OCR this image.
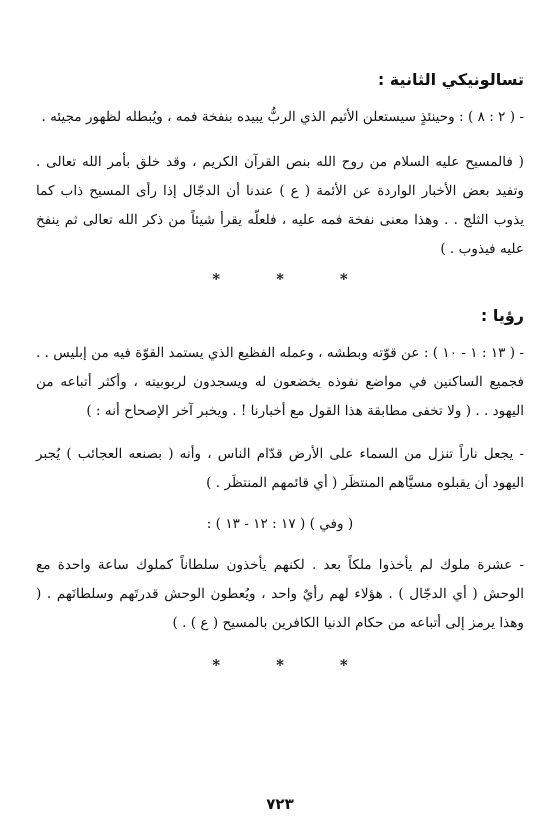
تسالونيكي الثانية :

- ( ٢ : ٨ ) : وحينئذٍ سيستعلن الأثيم الذي الربُّ يبيده بنفخة فمه ، ويُبطله لظهور مجيئه .

( فالمسيح عليه السلام من روح الله بنص القرآن الكريم ، وقد خلق بأمر الله تعالى . وتفيد بعض الأخبار الواردة عن الأئمة ( ع ) عندنا أن الدجّال إذا رأى المسيح ذاب كما يذوب الثلج . . وهذا معنى نفخة فمه عليه ، فلعلّه يقرأ شيئاً من ذكر الله تعالى ثم ينفخ عليه فيذوب . )

*	*	*
رؤيا :

- ( ١٣ : ١ - ١٠ ) : عن قوّته وبطشه ، وعمله الفظيع الذي يستمد القوّة فيه من إبليس . . فجميع الساكنين في مواضع نفوذه يخضعون له ويسجدون لربوبيته ، وأكثر أتباعه من اليهود . . ( ولا تخفى مطابقة هذا القول مع أخبارنا ! . ويخبر آخر الإصحاح أنه : )

- يجعل ناراً تنزل من السماء على الأرض قدّام الناس ، وأنه ( بصنعه العجائب ) يُجبر اليهود أن يقبلوه مسيَّاهم المنتظَر ( أي قائمهم المنتظَر . )

( وفي ) ( ١٧ : ١٢ - ١٣ ) :

- عشرة ملوك لم يأخذوا ملكاً بعد . لكنهم يأخذون سلطاناً كملوك ساعة واحدة مع الوحش ( أي الدجّال ) . هؤلاء لهم رأيٌ واحد ، ويُعطون الوحش قدرتَهم وسلطانَهم . ( وهذا يرمز إلى أتباعه من حكام الدنيا الكافرين بالمسيح ( ع ) . )

*	*	*
٧٢٣
